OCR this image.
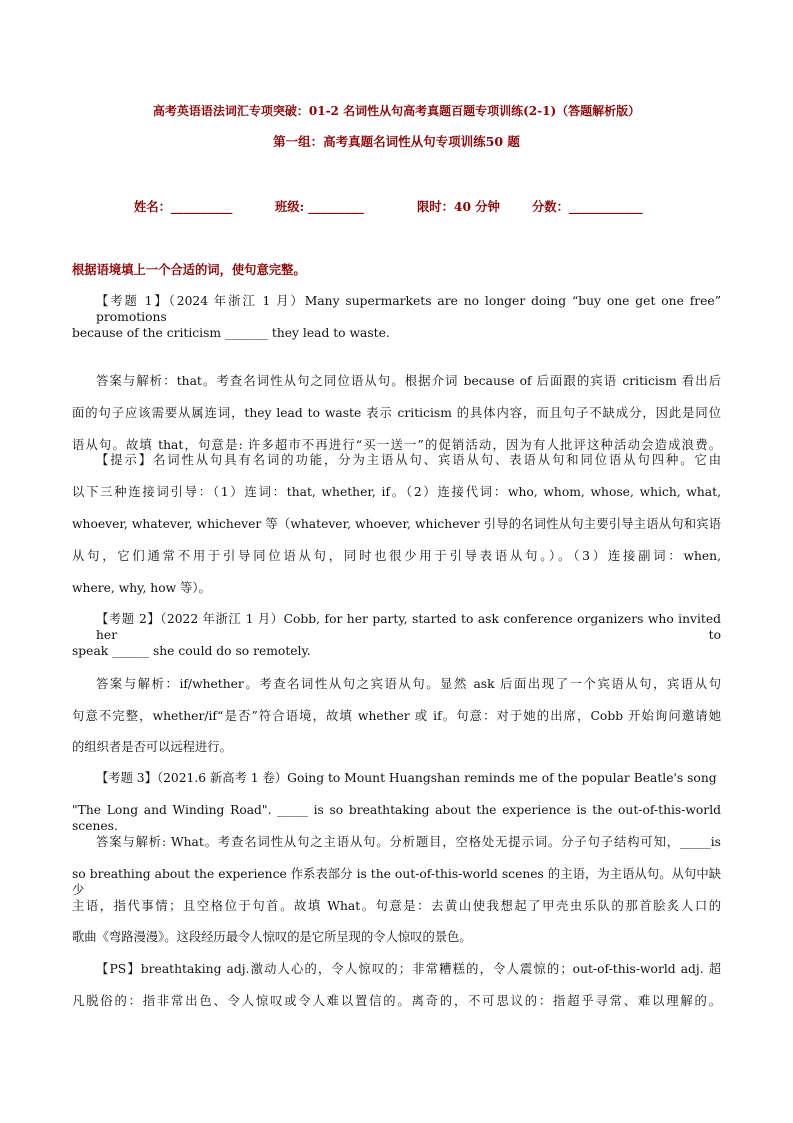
高考英语语法词汇专项突破：01-2 名词性从句高考真题百题专项训练(2-1)（答题解析版）
第一组：高考真题名词性从句专项训练50 题
姓名：__________	班级: _________	限时：40 分钟	分数：____________
根据语境填上一个合适的词，使句意完整。
【考题 1】（2024 年浙江 1 月）Many supermarkets are no longer doing “buy one get one free” promotions
because of the criticism _______ they lead to waste.
答案与解析：that。考查名词性从句之同位语从句。根据介词 because of 后面跟的宾语 criticism 看出后
面的句子应该需要从属连词，they lead to waste 表示 criticism 的具体内容，而且句子不缺成分，因此是同位
语从句。故填 that，句意是: 许多超市不再进行“买一送一”的促销活动，因为有人批评这种活动会造成浪费。
【提示】名词性从句具有名词的功能，分为主语从句、宾语从句、表语从句和同位语从句四种。它由
以下三种连接词引导：（1）连词：that, whether, if。（2）连接代词：who, whom, whose, which, what,
whoever, whatever, whichever 等（whatever, whoever, whichever 引导的名词性从句主要引导主语从句和宾语
从句，它们通常不用于引导同位语从句，同时也很少用于引导表语从句。）。（3）连接副词：when,
where, why, how 等）。
【考题 2】（2022 年浙江 1 月）Cobb, for her party, started to ask conference organizers who invited her to
speak ______ she could do so remotely.
答案与解析：if/whether。考查名词性从句之宾语从句。显然 ask 后面出现了一个宾语从句，宾语从句
句意不完整，whether/if“是否”符合语境，故填 whether 或 if。句意：对于她的出席，Cobb 开始询问邀请她
的组织者是否可以远程进行。
【考题 3】（2021.6 新高考 1 卷）Going to Mount Huangshan reminds me of the popular Beatle's song
"The Long and Winding Road". _____ is so breathtaking about the experience is the out-of-this-world scenes.
答案与解析: What。考查名词性从句之主语从句。分析题目，空格处无提示词。分子句子结构可知，_____is
so breathing about the experience 作系表部分 is the out-of-this-world scenes 的主语，为主语从句。从句中缺少
主语，指代事情；且空格位于句首。故填 What。句意是：去黄山使我想起了甲壳虫乐队的那首脍炙人口的
歌曲《弯路漫漫》。这段经历最令人惊叹的是它所呈现的令人惊叹的景色。
【PS】breathtaking adj.激动人心的，令人惊叹的；非常糟糕的，令人震惊的；out-of-this-world adj. 超
凡脱俗的：指非常出色、令人惊叹或令人难以置信的。离奇的，不可思议的：指超乎寻常、难以理解的。
